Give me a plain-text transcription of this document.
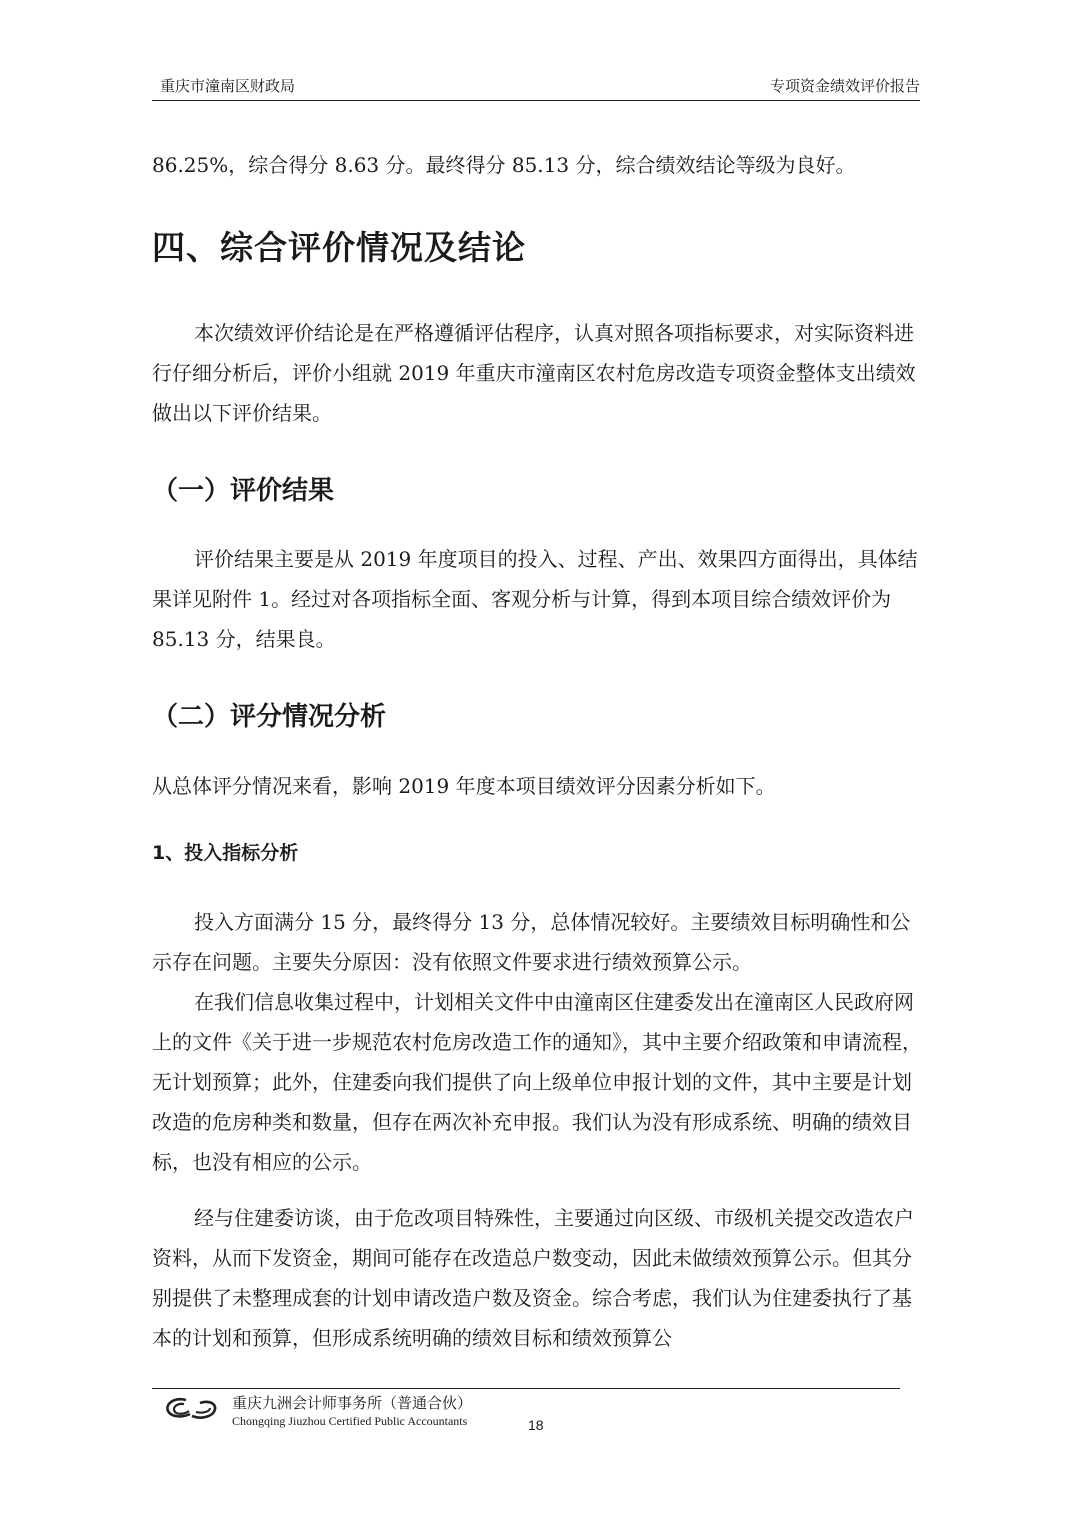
重庆市潼南区财政局	专项资金绩效评价报告

86.25%，综合得分 8.63 分。最终得分 85.13 分，综合绩效结论等级为良好。

四、综合评价情况及结论

本次绩效评价结论是在严格遵循评估程序，认真对照各项指标要求，对实际资料进行仔细分析后，评价小组就 2019 年重庆市潼南区农村危房改造专项资金整体支出绩效做出以下评价结果。

（一）评价结果

评价结果主要是从 2019 年度项目的投入、过程、产出、效果四方面得出，具体结果详见附件 1。经过对各项指标全面、客观分析与计算，得到本项目综合绩效评价为 85.13 分，结果良。

（二）评分情况分析

从总体评分情况来看，影响 2019 年度本项目绩效评分因素分析如下。

1、投入指标分析

投入方面满分 15 分，最终得分 13 分，总体情况较好。主要绩效目标明确性和公示存在问题。主要失分原因：没有依照文件要求进行绩效预算公示。

在我们信息收集过程中，计划相关文件中由潼南区住建委发出在潼南区人民政府网上的文件《关于进一步规范农村危房改造工作的通知》，其中主要介绍政策和申请流程，无计划预算；此外，住建委向我们提供了向上级单位申报计划的文件，其中主要是计划改造的危房种类和数量，但存在两次补充申报。我们认为没有形成系统、明确的绩效目标，也没有相应的公示。

经与住建委访谈，由于危改项目特殊性，主要通过向区级、市级机关提交改造农户资料，从而下发资金，期间可能存在改造总户数变动，因此未做绩效预算公示。但其分别提供了未整理成套的计划申请改造户数及资金。综合考虑，我们认为住建委执行了基本的计划和预算，但形成系统明确的绩效目标和绩效预算公

重庆九洲会计师事务所（普通合伙）
Chongqing Jiuzhou Certified Public Accountants	18
